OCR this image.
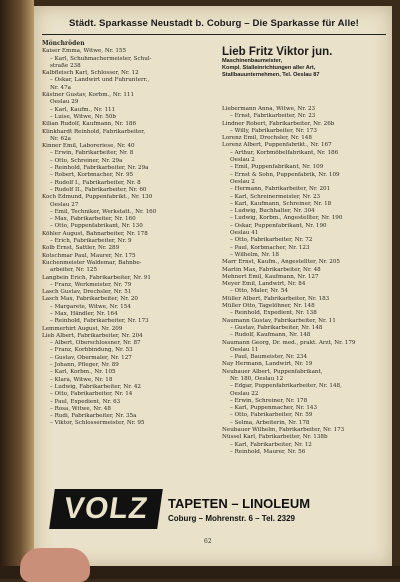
Städt. Sparkasse Neustadt b. Coburg – Die Sparkasse für Alle!
Mönchröden
Kaiser Emma, Witwe, Nr. 155
– Karl, Schuhmachermeister, Schul-
straße 238
Kalbfleisch Karl, Schlosser, Nr. 12
– Oskar, Landwirt und Fuhrunterr.,
Nr. 47a
Kästner Gustav, Korbm., Nr. 111
Oeslau 29
– Karl, Kaufm., Nr. 111
– Luise, Witwe, Nr. 50b
Kilian Rudolf, Kaufmann, Nr. 186
Klinkhardt Reinhold, Fabrikarbeiter,
Nr. 62a
Kinner Emil, Laboreriese, Nr. 40
– Erwin, Fabrikarbeiter, Nr. 8
– Otto, Schreiner, Nr. 29a
– Reinhold, Fabrikarbeiter, Nr. 29a
– Robert, Korbmacher, Nr. 95
– Rudolf I., Fabrikarbeiter, Nr. 8
– Rudolf II., Fabrikarbeiter, Nr. 60
Koch Edmund, Puppenfabrikt., Nr. 130
Oeslau 27
– Emil, Techniker, Werkstatt., Nr. 160
– Max, Fabrikarbeiter, Nr. 160
– Otto, Puppenfabrikant, Nr. 130
Köhler August, Bahnarbeiter, Nr. 178
– Erich, Fabrikarbeiter, Nr. 9
Kolb Ernst, Sattler, Nr. 289
Kotschmar Paul, Maurer, Nr. 175
Kuchenmeister Waldemar, Bahnbe-
arbeiter, Nr. 125
Langbein Erich, Fabrikarbeiter, Nr. 91
– Franz, Werkmeister, Nr. 79
Lasch Gustav, Drechsler, Nr. 51
Lasch Max, Fabrikarbeiter, Nr. 20
– Margarete, Witwe, Nr. 154
– Max, Händler, Nr. 164
– Reinhold, Fabrikarbeiter, Nr. 173
Lemmerhirt August, Nr. 209
Lieb Albert, Fabrikarbeiter, Nr. 204
– Albert, Oberschlossner, Nr. 87
– Franz, Korbbindung, Nr. 53
– Gustav, Obermaler, Nr. 127
– Johann, Pfleger, Nr. 89
– Karl, Korbm., Nr. 105
– Klara, Witwe, Nr. 18
– Ludwig, Fabrikarbeiter, Nr. 42
– Otto, Fabrikarbeiter, Nr. 14
– Paul, Expedient, Nr. 63
– Rosa, Witwe, Nr. 48
– Rudi, Fabrikarbeiter, Nr. 35a
– Viktor, Schlossermeister, Nr. 95
Lieb Fritz Viktor jun.
Maschinenbaumeister,
Kompl. Stalleinrichtungen aller Art,
Stallbauunternehmen, Tel. Oeslau 87
Liebermann Anna, Witwe, Nr. 23
– Ernst, Fabrikarbeiter, Nr. 23
Lindner Robert, Fabrikarbeiter, Nr. 26b
– Willy, Fabrikarbeiter, Nr. 173
Lorenz Emil, Drechsler, Nr. 148
Lorenz Albert, Puppenfabrikt., Nr. 167
– Arthur, Korbmöbelfabrikant, Nr. 186
Oeslau 2
– Emil, Puppenfabrikant, Nr. 109
– Ernst & Sohn, Puppenfabrik, Nr. 109
Oeslau 2
– Hermann, Fabrikarbeiter, Nr. 201
– Karl, Schreinermeister, Nr. 23
– Karl, Kaufmann, Schreiner, Nr. 18
– Ludwig, Buchhalter, Nr. 304
– Ludwig, Korbm., Angestellter, Nr. 190
– Oskar, Puppenfabrikant, Nr. 190
Oeslau 41
– Otto, Fabrikarbeiter, Nr. 72
– Paul, Korbmacher, Nr. 123
– Wilhelm, Nr. 18
Marr Ernst, Kaufm., Angestellter, Nr. 205
Martin Max, Fabrikarbeiter, Nr. 48
Mehnert Emil, Kaufmann, Nr. 127
Meyer Emil, Landwirt, Nr. 84
– Otto, Maler, Nr. 54
Müller Albert, Fabrikarbeiter, Nr. 183
Müller Otto, Tagelöhner, Nr. 148
– Reinhold, Expedient, Nr. 138
Naumann Gustav, Fabrikarbeiter, Nr. 11
– Gustav, Fabrikarbeiter, Nr. 148
– Rudolf, Kaufmann, Nr. 148
Naumann Georg, Dr. med., prakt. Arzt, Nr. 179
Oeslau 11
– Paul, Baumeister, Nr. 234
Nay Hermann, Landwirt, Nr. 19
Neubauer Albert, Puppenfabrikant,
Nr. 180, Oeslau 12
– Edgar, Puppenfabrikarbeiter, Nr. 148,
Oeslau 22
– Erwin, Schreiner, Nr. 178
– Karl, Puppenmacher, Nr. 143
– Otto, Fabrikarbeiter, Nr. 59
– Selma, Arbeiterin, Nr. 178
Neubauer Wilhelm, Fabrikarbeiter, Nr. 173
Nüssel Karl, Fabrikarbeiter, Nr. 138b
– Karl, Fabrikarbeiter, Nr. 12
– Reinhold, Maurer, Nr. 56
VOLZ	TAPETEN – LINOLEUM
Coburg – Mohrenstr. 6 – Tel. 2329
62
